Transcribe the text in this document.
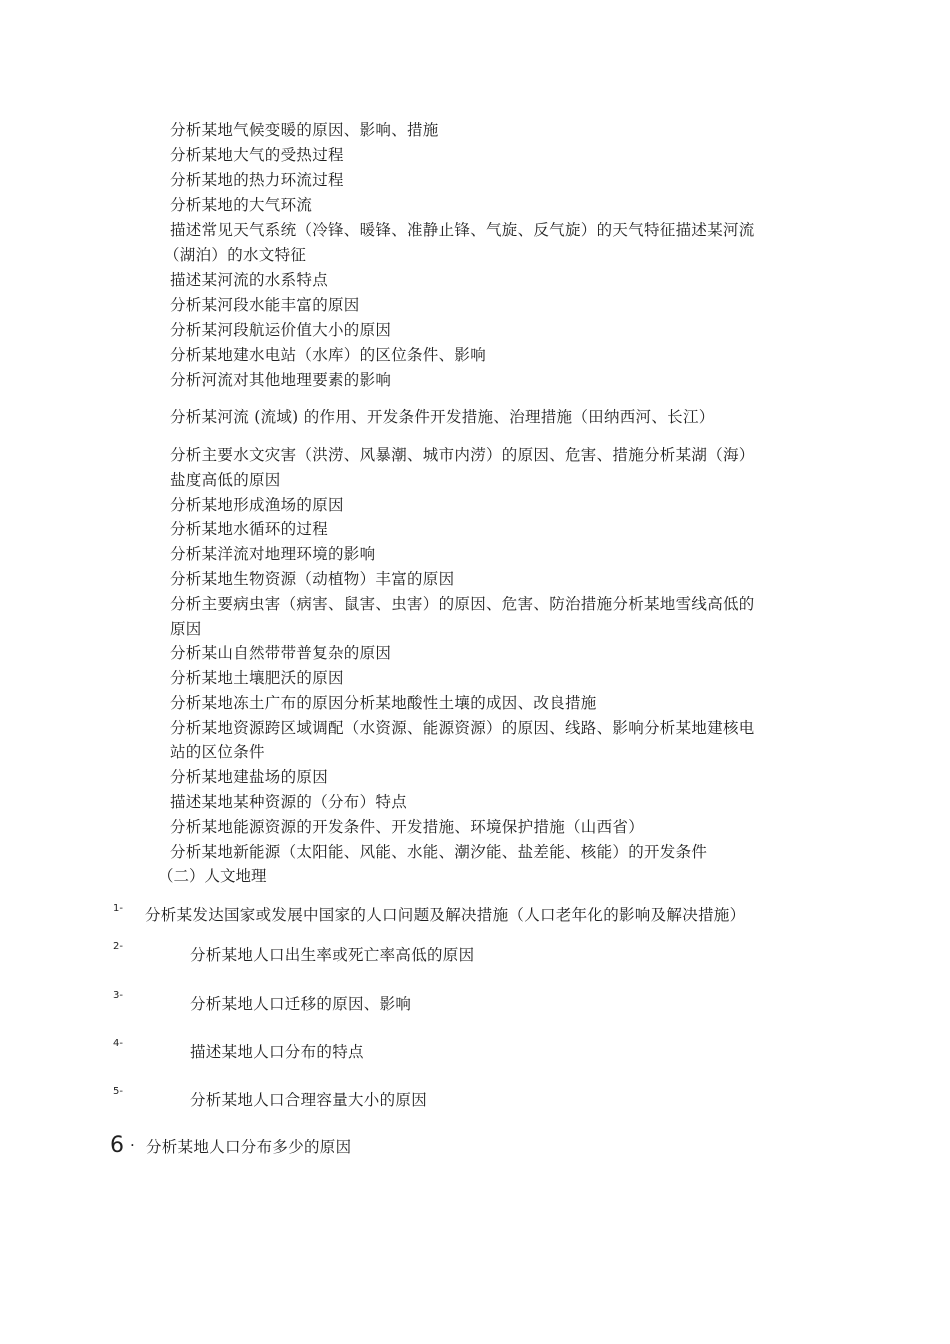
分析某地气候变暖的原因、影响、措施
分析某地大气的受热过程
分析某地的热力环流过程
分析某地的大气环流
描述常见天气系统（冷锋、暖锋、准静止锋、气旋、反气旋）的天气特征描述某河流
（湖泊）的水文特征
描述某河流的水系特点
分析某河段水能丰富的原因
分析某河段航运价值大小的原因
分析某地建水电站（水库）的区位条件、影响
分析河流对其他地理要素的影响
分析某河流 (流域) 的作用、开发条件开发措施、治理措施（田纳西河、长江）
分析主要水文灾害（洪涝、风暴潮、城市内涝）的原因、危害、措施分析某湖（海）
盐度高低的原因
分析某地形成渔场的原因
分析某地水循环的过程
分析某洋流对地理环境的影响
分析某地生物资源（动植物）丰富的原因
分析主要病虫害（病害、鼠害、虫害）的原因、危害、防治措施分析某地雪线高低的
原因
分析某山自然带带普复杂的原因
分析某地土壤肥沃的原因
分析某地冻土广布的原因分析某地酸性土壤的成因、改良措施
分析某地资源跨区域调配（水资源、能源资源）的原因、线路、影响分析某地建核电
站的区位条件
分析某地建盐场的原因
描述某地某种资源的（分布）特点
分析某地能源资源的开发条件、开发措施、环境保护措施（山西省）
分析某地新能源（太阳能、风能、水能、潮汐能、盐差能、核能）的开发条件
（二）人文地理
1- 分析某发达国家或发展中国家的人口问题及解决措施（人口老年化的影响及解决措施）
2-	分析某地人口出生率或死亡率高低的原因
3-	分析某地人口迁移的原因、影响
4-	描述某地人口分布的特点
5-	分析某地人口合理容量大小的原因
6 · 分析某地人口分布多少的原因
